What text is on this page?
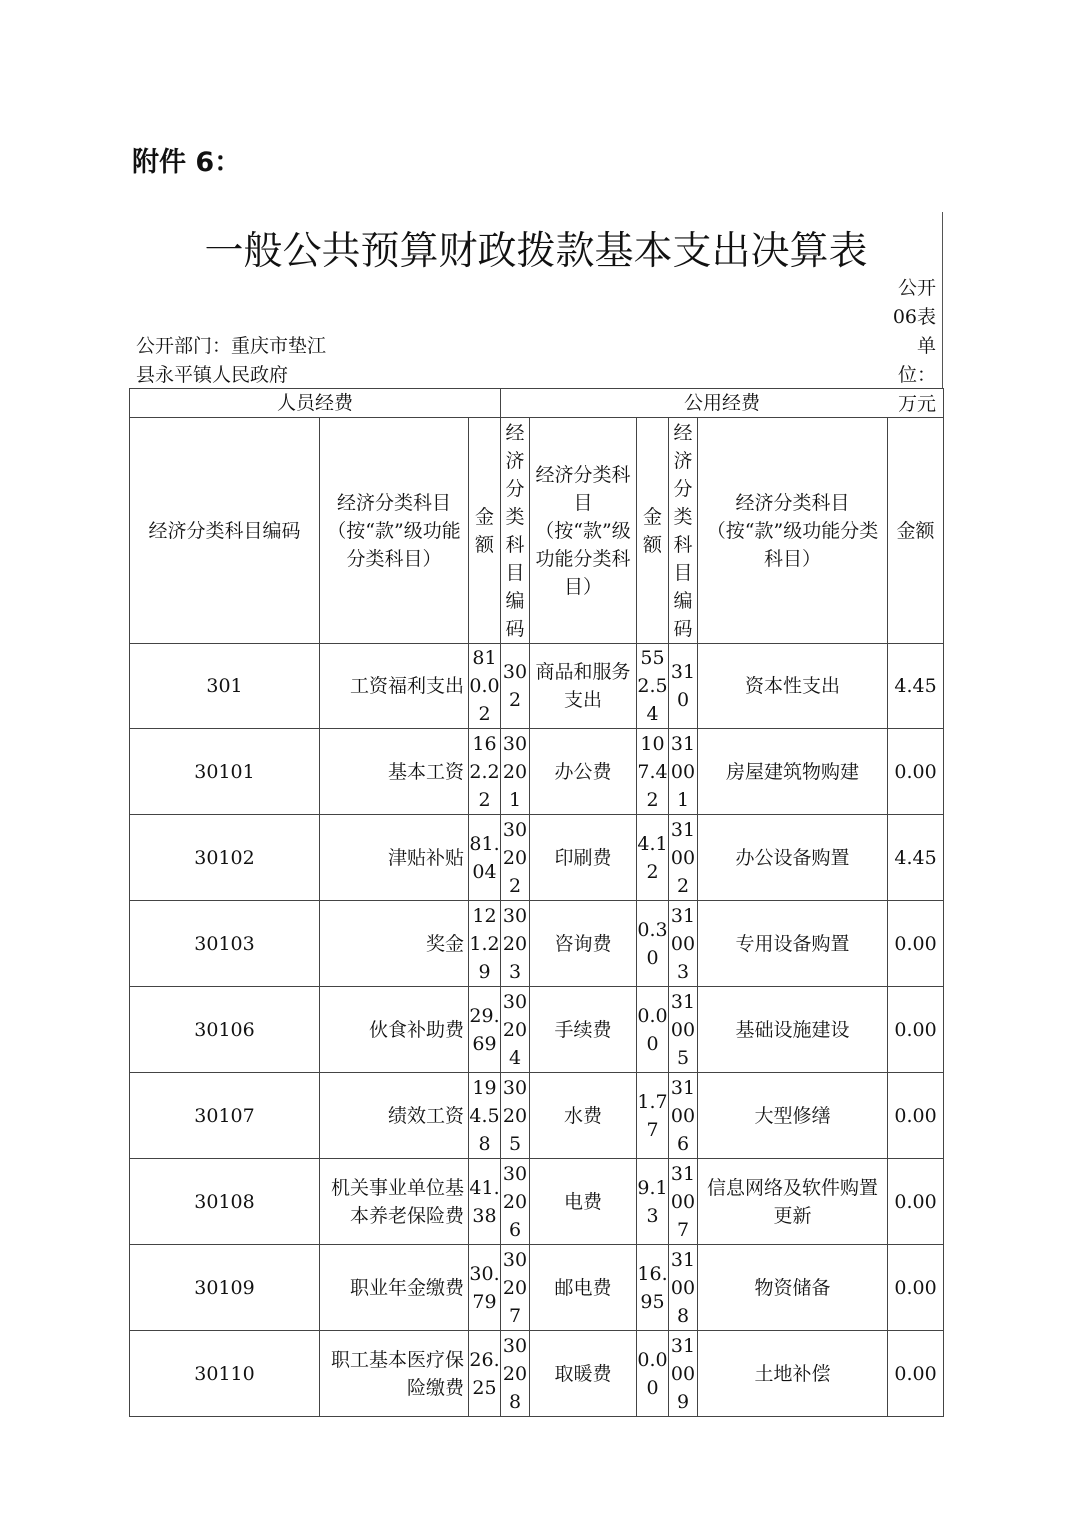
附件 6：
一般公共预算财政拨款基本支出决算表
公开06表
公开部门：重庆市垫江县永平镇人民政府
单位：万元
人员经费			公用经费					
经济分类科目编码	经济分类科目（按“款”级功能分类科目）	金额	经济分类科目编码	经济分类科目（按“款”级功能分类科目）	金额	经济分类科目编码	经济分类科目（按“款”级功能分类科目）	金额
301	工资福利支出	810.02	302	商品和服务支出	552.54	310	资本性支出	4.45
30101	基本工资	162.22	30201	办公费	107.42	31001	房屋建筑物购建	0.00
30102	津贴补贴	81.04	30202	印刷费	4.12	31002	办公设备购置	4.45
30103	奖金	121.29	30203	咨询费	0.30	31003	专用设备购置	0.00
30106	伙食补助费	29.69	30204	手续费	0.00	31005	基础设施建设	0.00
30107	绩效工资	194.58	30205	水费	1.77	31006	大型修缮	0.00
30108	机关事业单位基本养老保险费	41.38	30206	电费	9.13	31007	信息网络及软件购置更新	0.00
30109	职业年金缴费	30.79	30207	邮电费	16.95	31008	物资储备	0.00
30110	职工基本医疗保险缴费	26.25	30208	取暖费	0.00	31009	土地补偿	0.00
